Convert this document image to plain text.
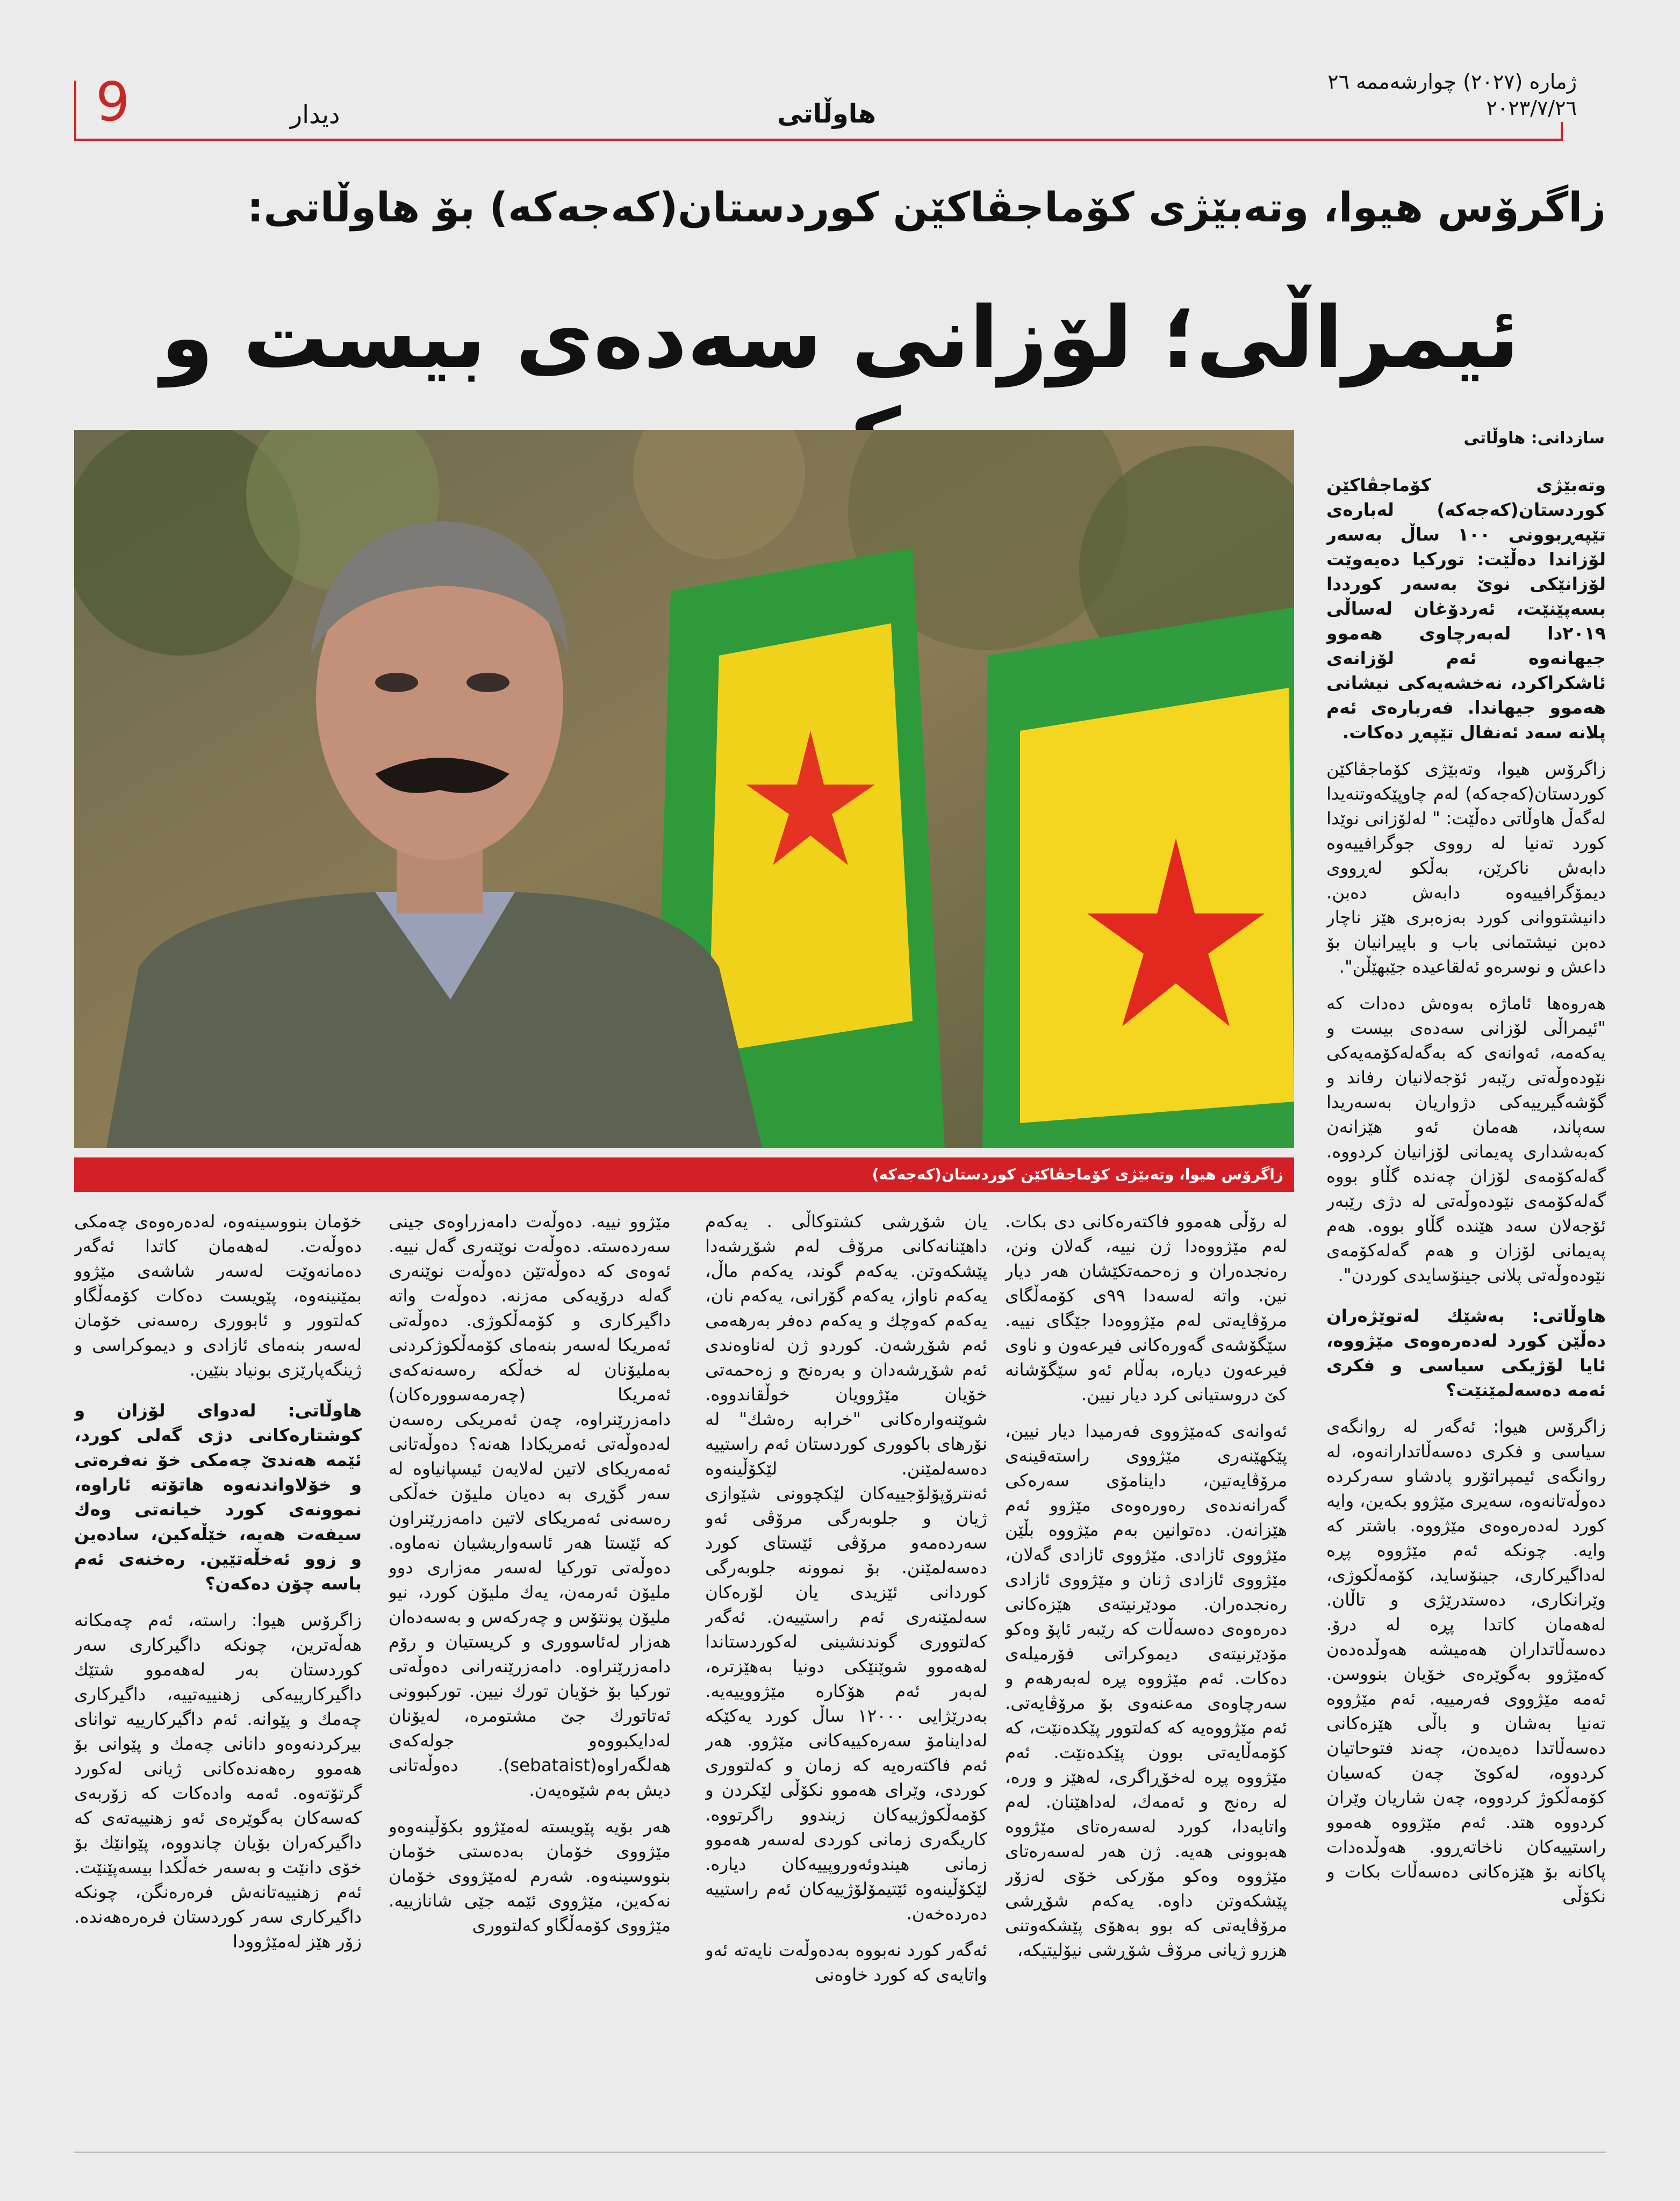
9	دیدار	هاوڵاتی
ژماره (٢٠٢٧) چوارشه‌ممه ٢٦
٢٠٢٣/٧/٢٦
زاگرۆس هیوا، وته‌بێژی کۆماجڤاکێن کوردستان(که‌جه‌که) بۆ هاوڵاتی:
ئیمراڵی؛ لۆزانی سه‌ده‌ی بیست و
سازدانی: هاوڵاتی
زاگرۆس هیوا، وته‌بێژی کۆماجڤاکێن کوردستان(که‌جه‌که)

وته‌بێژی كۆماجڤاكێن كوردستان(كه‌جه‌كه) له‌باره‌ی تێپه‌ڕبوونی ١٠٠ ساڵ به‌سه‌ر لۆزاندا ده‌ڵێت: توركیا ده‌یه‌وێت لۆزانێكی نوێ به‌سه‌ر كورددا بسه‌پێنێت، ئه‌ردۆغان له‌ساڵی ٢٠١٩دا له‌به‌رچاوی هه‌موو جیهانه‌وه‌ ئه‌م لۆزانه‌ی ئاشكراكرد، نه‌خشه‌یه‌كی نیشانی هه‌موو جیهاندا. فه‌رباره‌ی ئه‌م پلانه‌ سه‌د ئه‌نفال تێپه‌ڕ ده‌كات.

زاگرۆس هیوا، وته‌بێژی كۆماجڤاكێن كوردستان(كه‌جه‌كه) له‌م چاوپێكه‌وتنه‌یدا له‌گه‌ڵ هاوڵاتی ده‌ڵێت: " له‌لۆزانی نوێدا كورد ته‌نیا له‌ رووی جوگرافییه‌وه‌ دابه‌ش ناكرێن، به‌ڵكو له‌ڕووی دیمۆگرافییه‌وه‌ دابه‌ش ده‌بن. دانیشتووانی كورد به‌زه‌بری هێز ناچار ده‌بن نیشتمانی باب و باپیرانیان بۆ داعش و نوسره‌و ئه‌لقاعیده‌ جێبهێڵن".

هه‌روه‌ها ئاماژه‌ به‌وه‌ش ده‌دات كه‌ "ئیمراڵی لۆزانی سه‌ده‌ی بیست و یه‌كه‌مه‌، ئه‌وانه‌ی كه‌ به‌گه‌له‌كۆمه‌یه‌كی نێوده‌وڵه‌تی رێبه‌ر ئۆجه‌لانیان رفاند و گۆشه‌گیرییه‌كی دژواریان به‌سه‌ریدا سه‌پاند، هه‌مان ئه‌و هێزانه‌ن كه‌به‌شداری په‌یمانی لۆزانیان كردووه‌. گه‌له‌كۆمه‌ی لۆزان چه‌نده‌ گڵاو بووه‌ گه‌له‌كۆمه‌ی نێوده‌وڵه‌تی له‌ دژی رێبه‌ر ئۆجه‌لان سه‌د هێنده‌ گڵاو بووه‌. هه‌م په‌یمانی لۆزان و هه‌م گه‌له‌كۆمه‌ی نێوده‌وڵه‌تی پلانی جینۆسایدی كوردن".

هاوڵاتی: به‌شێك له‌توێژه‌ران ده‌ڵێن كورد له‌ده‌ره‌وه‌ی مێژووه‌، ئایا لۆژیكی سیاسی و فكری ئه‌مه‌ ده‌سه‌لمێنێت؟

زاگرۆس هیوا: ئه‌گه‌ر له‌ روانگه‌ی سیاسی و فكری ده‌سه‌ڵاتدارانه‌وه‌، له‌ روانگه‌ی ئیمپراتۆرو پادشاو سه‌ركرده‌ دەوڵەتانه‌وه‌، سه‌یری مێژوو بكه‌ین، وایه‌ كورد له‌ده‌ره‌وه‌ی مێژووه‌. باشتر كه‌ وایه‌. چونكه‌ ئه‌م مێژووه‌ پڕه‌ له‌داگیركاری، جینۆساید، كۆمه‌ڵكوژی، وێرانكاری، ده‌ستدرێژی و تاڵان. له‌هه‌مان كاتدا پڕه‌ له‌ درۆ. ده‌سه‌ڵاتداران هه‌میشه‌ هه‌وڵده‌ده‌ن كه‌مێژوو به‌گوێره‌ی خۆیان بنووسن. ئه‌مه‌ مێژووی فه‌رمییه‌. ئه‌م مێژووه‌ ته‌نیا به‌شان و باڵی هێزه‌كانی ده‌سه‌ڵاتدا ده‌یده‌ن، چه‌ند فتوحاتیان كردووه‌، له‌كوێ چه‌ن كه‌سیان كۆمه‌ڵكوژ كردووه‌، چه‌ن شاریان وێران كردووه‌ هتد. ئه‌م مێژووه‌ هه‌موو راستییه‌كان ناخاته‌ڕوو. هه‌وڵده‌دات پاكانه‌ بۆ هێزه‌كانی ده‌سه‌ڵات بكات و نكۆڵی

له‌ رۆڵی هه‌موو فاكته‌ره‌كانی دی بكات. له‌م مێژووه‌دا ژن نییه‌، گه‌لان ونن، ره‌نجده‌ران و زه‌حمه‌تكێشان هه‌ر دیار نین. واته‌ له‌سه‌دا ٩٩ی كۆمه‌ڵگای مرۆڤایه‌تی له‌م مێژووه‌دا جێگای نییه‌. سێگۆشه‌ی گه‌وره‌كانی فیرعه‌ون و ناوی فیرعه‌ون دیاره‌، به‌ڵام ئه‌و سێگۆشانه‌ كێ دروستیانی كرد دیار نیین.

ئه‌وانه‌ی كه‌مێژووی فه‌رمیدا دیار نیین، پێكهێنه‌ری مێژووی راسته‌قینه‌ی مرۆڤایه‌تین، داینامۆی سه‌ره‌كی گه‌رانه‌نده‌ی رەوره‌وه‌ی مێژوو ئه‌م هێزانه‌ن. ده‌توانین بەم مێژووه‌ بڵێن مێژووی ئازادی. مێژووی ئازادی گه‌لان، مێژووی ئازادی ژنان و مێژووی ئازادی ره‌نجده‌ران. مودێرنیته‌ی هێزه‌كانی ده‌ره‌وه‌ی ده‌سه‌ڵات كه‌ رێبه‌ر ئاپۆ وه‌كو مۆدێرنیته‌ی دیموكراتی فۆرمیله‌ی ده‌كات. ئه‌م مێژووه‌ پڕه‌ له‌به‌رهه‌م و سه‌رچاوه‌ی مه‌عنه‌وی بۆ مرۆڤایه‌تی. ئه‌م مێژووه‌یه‌ كه‌ كه‌لتوور پێكده‌نێت، كه‌ كۆمه‌ڵایه‌تی بوون پێكده‌نێت. ئه‌م مێژووه‌ پڕه‌ له‌خۆڕاگری، له‌هێز و وره‌، له‌ ره‌نج و ئه‌مه‌ك، له‌داهێنان. له‌م واتایه‌دا، كورد له‌سه‌ره‌تای مێژووه‌ هه‌بوونی هه‌یه‌. ژن هه‌ر له‌سه‌ره‌تای مێژووه‌ وه‌كو مۆركی خۆی له‌زۆر پێشكه‌وتن داوه‌. یه‌كه‌م شۆڕشی مرۆڤایه‌تی كه‌ بوو به‌هۆی پێشكه‌وتنی هزرو ژیانی مرۆڤ شۆڕشی نیۆلیتیكه‌،

یان شۆڕشی كشتوكاڵی . یه‌كه‌م داهێنانه‌كانی مرۆڤ له‌م شۆڕشه‌دا پێشكه‌وتن. یه‌كه‌م گوند، یه‌كه‌م ماڵ، یه‌كه‌م ناواز، یه‌كه‌م گۆرانی، یه‌كه‌م نان، یه‌كه‌م كه‌وچك و یه‌كه‌م ده‌فر به‌رهه‌می ئه‌م شۆڕشه‌ن. كوردو ژن له‌ناوه‌ندی ئه‌م شۆڕشه‌دان و به‌ره‌نج و زه‌حمه‌تی خۆیان مێژوویان خوڵقاندووه‌. شوێنه‌واره‌كانی "خرابه‌ رەشك" له‌ نۆرهای باكووری كوردستان ئه‌م راستییه‌ ده‌سه‌لمێنن. لێكۆڵینه‌وه‌ ئه‌نترۆپۆلۆجییه‌كان لێكچوونی شێوازی ژیان و جلوبه‌رگی مرۆڤی ئه‌و سه‌رده‌مه‌و مرۆڤی ئێستای كورد ده‌سه‌لمێنن. بۆ نموونه‌ جلوبه‌رگی كوردانی ئێزیدی یان لۆره‌كان سه‌لمێنه‌ری ئه‌م راستییه‌ن. ئه‌گه‌ر كه‌لتووری گوندنشینی له‌كوردستاندا له‌هه‌موو شوێنێكی دونیا به‌هێزتره‌، له‌به‌ر ئه‌م هۆكاره‌ مێژووییه‌یه‌. به‌درێژایی ١٢٠٠٠ ساڵ كورد یه‌كێكه‌ له‌داینامۆ سه‌ره‌كییه‌كانی مێژوو. هه‌ر ئه‌م فاكته‌ره‌یه‌ كه‌ زمان و كه‌لتووری كوردی، وێرای هه‌موو نكۆڵی لێكردن و كۆمه‌ڵكوژییه‌كان زیندوو راگرتووه‌. كاریگه‌ری زمانی كوردی له‌سه‌ر هه‌موو زمانی هیندوئه‌وروپییه‌كان دیاره‌. لێكۆڵینه‌وه‌ ئێتیمۆلۆژییه‌كان ئه‌م راستییه‌ ده‌رده‌خه‌ن.

ئه‌گه‌ر كورد نه‌بووه‌ به‌ده‌وڵه‌ت نایه‌ته‌ ئه‌و واتایه‌ی كه‌ كورد خاوه‌نی

مێژوو نییه‌. ده‌وڵه‌ت دامه‌زراوه‌ی جینی سه‌رده‌سته‌. ده‌وڵه‌ت نوێنه‌ری گه‌ل نییه‌. ئه‌وه‌ی كه‌ ده‌وڵه‌تێن ده‌وڵه‌ت نوێنه‌ری گه‌له‌ درۆیه‌كی مه‌زنه‌. ده‌وڵه‌ت واته‌ داگیركاری و كۆمه‌ڵكوژی. ده‌وڵه‌تی ئه‌مریكا له‌سه‌ر بنه‌مای كۆمه‌ڵكوژكردنی به‌ملیۆنان له‌ خه‌ڵكه‌ ره‌سه‌نه‌كه‌ی ئه‌مریكا (چه‌رمه‌سووره‌كان) دامه‌زرێنراوه‌، چه‌ن ئه‌مریكی ره‌سه‌ن له‌ده‌وڵه‌تی ئه‌مریكادا هه‌نه‌؟ ده‌وڵه‌تانی ئه‌مه‌ریكای لاتین له‌لایه‌ن ئیسپانیاوه‌ له‌ سه‌ر گۆڕی به‌ ده‌یان ملیۆن خه‌ڵكی ره‌سه‌نی ئه‌مریكای لاتین دامه‌زرێنراون كه‌ ئێستا هه‌ر ئاسه‌واریشیان نه‌ماوه‌. ده‌وڵه‌تی توركیا له‌سه‌ر مه‌زاری دوو ملیۆن ئه‌رمه‌ن، یه‌ك ملیۆن كورد، نیو ملیۆن پونتۆس و چه‌ركه‌س و به‌سه‌ده‌ان هه‌زار له‌ئاسووری و كریستیان و رۆم دامه‌زرێنراوه‌. دامه‌زرێنه‌رانی ده‌وڵه‌تی توركیا بۆ خۆیان تورك نیین. توركبوونی ئه‌تاتورك جێ مشتومره‌، له‌یۆنان له‌دایكبووه‌و جوله‌كه‌ی هه‌لگه‌راوه‌(sebataist). ده‌وڵه‌تانی دیش به‌م شێوه‌یه‌ن.

هه‌ر بۆیه‌ پێویسته‌ له‌مێژوو بكۆڵینه‌وه‌و مێژووی خۆمان به‌ده‌ستی خۆمان بنووسینه‌وه‌. شه‌رم له‌مێژووی خۆمان نه‌كه‌ین، مێژووی ئێمه‌ جێی شانازییه‌. مێژووی كۆمه‌ڵگاو كه‌لتووری

خۆمان بنووسینه‌وه‌، له‌ده‌ره‌وه‌ی چه‌مكی ده‌وڵه‌ت. له‌هه‌مان كاتدا ئه‌گه‌ر ده‌مانه‌وێت له‌سه‌ر شاشه‌ی مێژوو بمێنینه‌وه‌، پێویست ده‌كات كۆمه‌ڵگاو كه‌لتوور و ئابووری ره‌سه‌نی خۆمان له‌سه‌ر بنه‌مای ئازادی و دیموكراسی و ژینگه‌پارێزی بونیاد بنێین.

هاوڵاتی: له‌دوای لۆزان و كوشتاره‌كانی دژی گه‌لی كورد، ئێمه‌ هه‌ندێ چه‌مكی خۆ نه‌فرەتی و خۆلاواندنه‌وه‌ هاتۆته‌ ئاراوه‌، نموونه‌ی كورد خیانه‌تی وه‌ك سیفه‌ت هه‌یه‌، خێڵه‌كین، ساده‌ین و زوو ئه‌خڵه‌تێین. ره‌خنه‌ی ئه‌م باسه‌ چۆن ده‌كه‌ن؟

زاگرۆس هیوا: راسته‌، ئه‌م چه‌مكانه‌ هه‌ڵه‌ترین، چونكه‌ داگیركاری سه‌ر كوردستان به‌ر له‌هه‌موو شتێك داگیركارییه‌كی زهنییه‌تییه‌، داگیركاری چه‌مك و پێوانه‌. ئه‌م داگیركارییه‌ توانای بیركردنه‌وه‌و دانانی چه‌مك و پێوانی بۆ هه‌موو ره‌هه‌نده‌كانی ژیانی له‌كورد گرتۆته‌وه‌. ئه‌مه‌ واده‌كات كه‌ زۆربه‌ی كه‌سه‌كان به‌گوێره‌ی ئه‌و زهنییه‌ته‌ی كه‌ داگیركه‌ران بۆیان چاندووه‌، پێوانێك بۆ خۆی دانێت و به‌سه‌ر خه‌ڵكدا بیسه‌پێنێت. ئه‌م زهنییه‌تانه‌ش فره‌ره‌نگن، چونكه‌ داگیركاری سه‌ر كوردستان فره‌ره‌هه‌نده‌. زۆر هێز له‌مێژوودا
